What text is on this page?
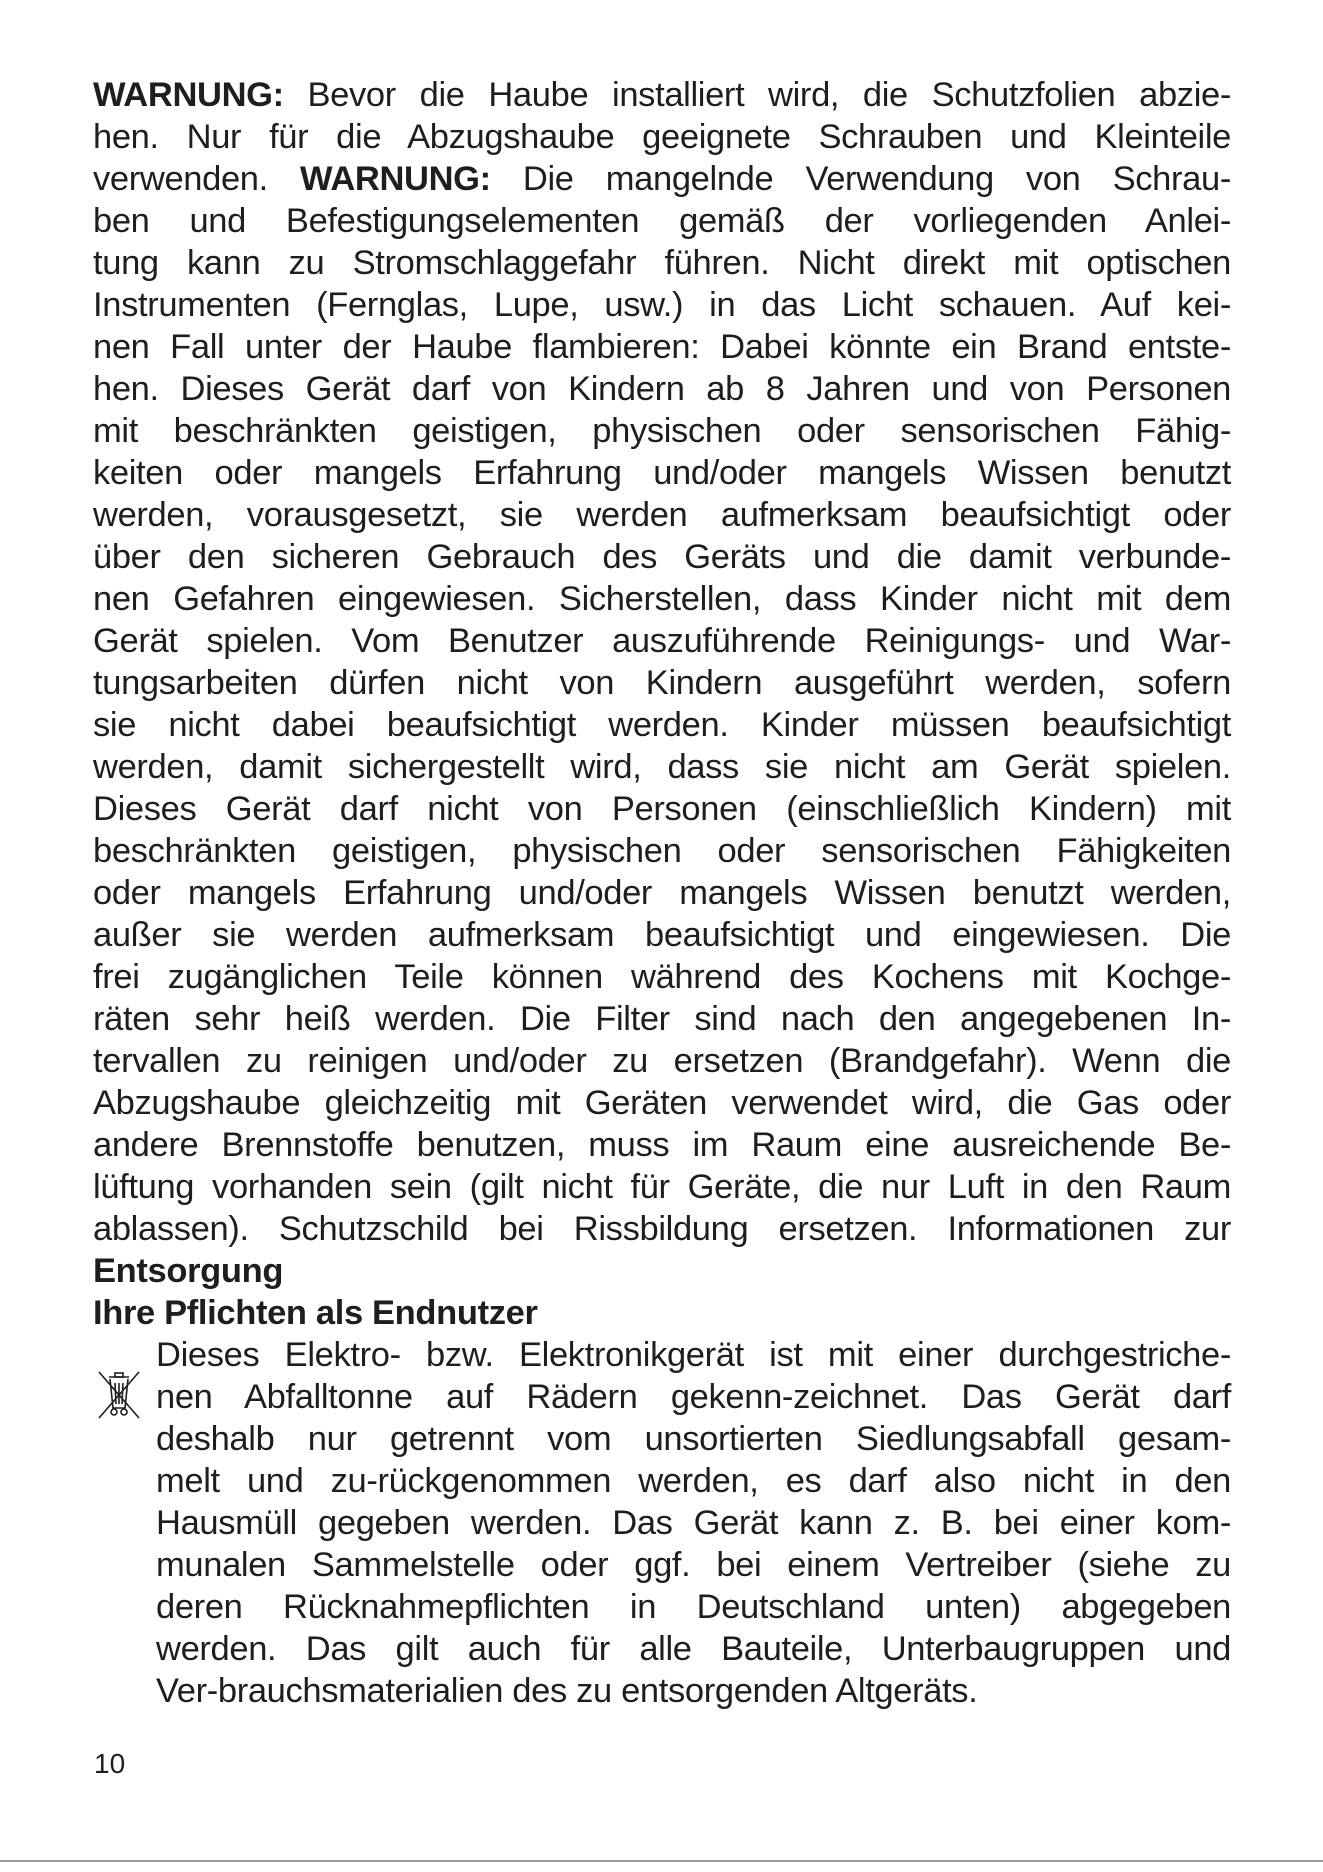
WARNUNG: Bevor die Haube installiert wird, die Schutzfolien abzie-
hen. Nur für die Abzugshaube geeignete Schrauben und Kleinteile
verwenden. WARNUNG: Die mangelnde Verwendung von Schrau-
ben und Befestigungselementen gemäß der vorliegenden Anlei-
tung kann zu Stromschlaggefahr führen. Nicht direkt mit optischen
Instrumenten (Fernglas, Lupe, usw.) in das Licht schauen. Auf kei-
nen Fall unter der Haube flambieren: Dabei könnte ein Brand entste-
hen. Dieses Gerät darf von Kindern ab 8 Jahren und von Personen
mit beschränkten geistigen, physischen oder sensorischen Fähig-
keiten oder mangels Erfahrung und/oder mangels Wissen benutzt
werden, vorausgesetzt, sie werden aufmerksam beaufsichtigt oder
über den sicheren Gebrauch des Geräts und die damit verbunde-
nen Gefahren eingewiesen. Sicherstellen, dass Kinder nicht mit dem
Gerät spielen. Vom Benutzer auszuführende Reinigungs- und War-
tungsarbeiten dürfen nicht von Kindern ausgeführt werden, sofern
sie nicht dabei beaufsichtigt werden. Kinder müssen beaufsichtigt
werden, damit sichergestellt wird, dass sie nicht am Gerät spielen.
Dieses Gerät darf nicht von Personen (einschließlich Kindern) mit
beschränkten geistigen, physischen oder sensorischen Fähigkeiten
oder mangels Erfahrung und/oder mangels Wissen benutzt werden,
außer sie werden aufmerksam beaufsichtigt und eingewiesen. Die
frei zugänglichen Teile können während des Kochens mit Kochge-
räten sehr heiß werden. Die Filter sind nach den angegebenen In-
tervallen zu reinigen und/oder zu ersetzen (Brandgefahr). Wenn die
Abzugshaube gleichzeitig mit Geräten verwendet wird, die Gas oder
andere Brennstoffe benutzen, muss im Raum eine ausreichende Be-
lüftung vorhanden sein (gilt nicht für Geräte, die nur Luft in den Raum
ablassen). Schutzschild bei Rissbildung ersetzen. Informationen zur
Entsorgung
Ihre Pflichten als Endnutzer
Dieses Elektro- bzw. Elektronikgerät ist mit einer durchgestriche-
nen Abfalltonne auf Rädern gekenn-zeichnet. Das Gerät darf
deshalb nur getrennt vom unsortierten Siedlungsabfall gesam-
melt und zu-rückgenommen werden, es darf also nicht in den
Hausmüll gegeben werden. Das Gerät kann z. B. bei einer kom-
munalen Sammelstelle oder ggf. bei einem Vertreiber (siehe zu
deren Rücknahmepflichten in Deutschland unten) abgegeben
werden. Das gilt auch für alle Bauteile, Unterbaugruppen und
Ver-brauchsmaterialien des zu entsorgenden Altgeräts.
10
